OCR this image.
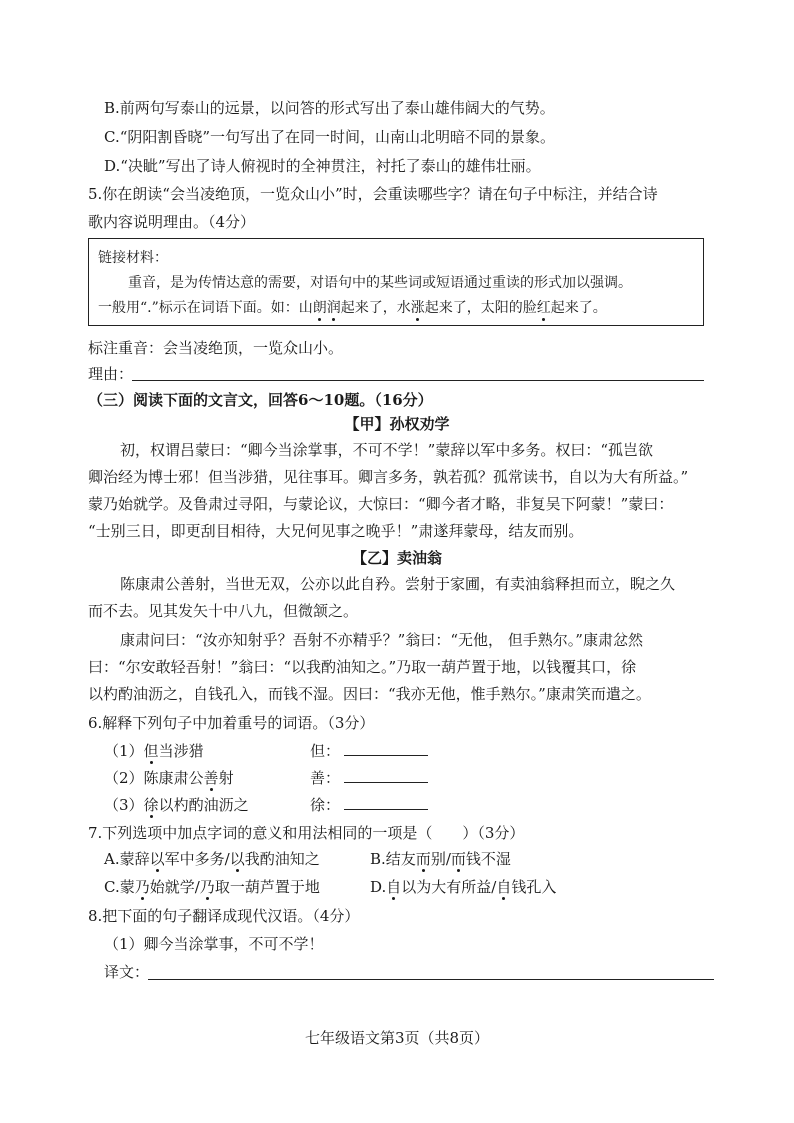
B.前两句写泰山的远景，以问答的形式写出了泰山雄伟阔大的气势。
C.“阴阳割昏晓”一句写出了在同一时间，山南山北明暗不同的景象。
D.“决眦”写出了诗人俯视时的全神贯注，衬托了泰山的雄伟壮丽。
5.你在朗读“会当凌绝顶，一览众山小”时，会重读哪些字？请在句子中标注，并结合诗
歌内容说明理由。（4分）
链接材料：
重音，是为传情达意的需要，对语句中的某些词或短语通过重读的形式加以强调。
一般用“.”标示在词语下面。如：山朗润起来了，水涨起来了，太阳的脸红起来了。
标注重音：会当凌绝顶，一览众山小。
理由：
（三）阅读下面的文言文，回答6～10题。（16分）
【甲】孙权劝学
初，权谓吕蒙曰：“卿今当涂掌事，不可不学！”蒙辞以军中多务。权曰：“孤岂欲
卿治经为博士邪！但当涉猎，见往事耳。卿言多务，孰若孤？孤常读书，自以为大有所益。”
蒙乃始就学。及鲁肃过寻阳，与蒙论议，大惊曰：“卿今者才略，非复吴下阿蒙！”蒙曰：
“士别三日，即更刮目相待，大兄何见事之晚乎！”肃遂拜蒙母，结友而别。
【乙】卖油翁
陈康肃公善射，当世无双，公亦以此自矜。尝射于家圃，有卖油翁释担而立，睨之久
而不去。见其发矢十中八九，但微颔之。
康肃问曰：“汝亦知射乎？吾射不亦精乎？”翁曰：“无他， 但手熟尔。”康肃忿然
曰：“尔安敢轻吾射！”翁曰：“以我酌油知之。”乃取一葫芦置于地，以钱覆其口，徐
以杓酌油沥之，自钱孔入，而钱不湿。因曰：“我亦无他，惟手熟尔。”康肃笑而遣之。
6.解释下列句子中加着重号的词语。（3分）
（1）但当涉猎	但：
（2）陈康肃公善射	善：
（3）徐以杓酌油沥之	徐：
7.下列选项中加点字词的意义和用法相同的一项是（　　）（3分）
A.蒙辞以军中多务/以我酌油知之	B.结友而别/而钱不湿
C.蒙乃始就学/乃取一葫芦置于地	D.自以为大有所益/自钱孔入
8.把下面的句子翻译成现代汉语。（4分）
（1）卿今当涂掌事，不可不学！
译文：
七年级语文第3页（共8页）
